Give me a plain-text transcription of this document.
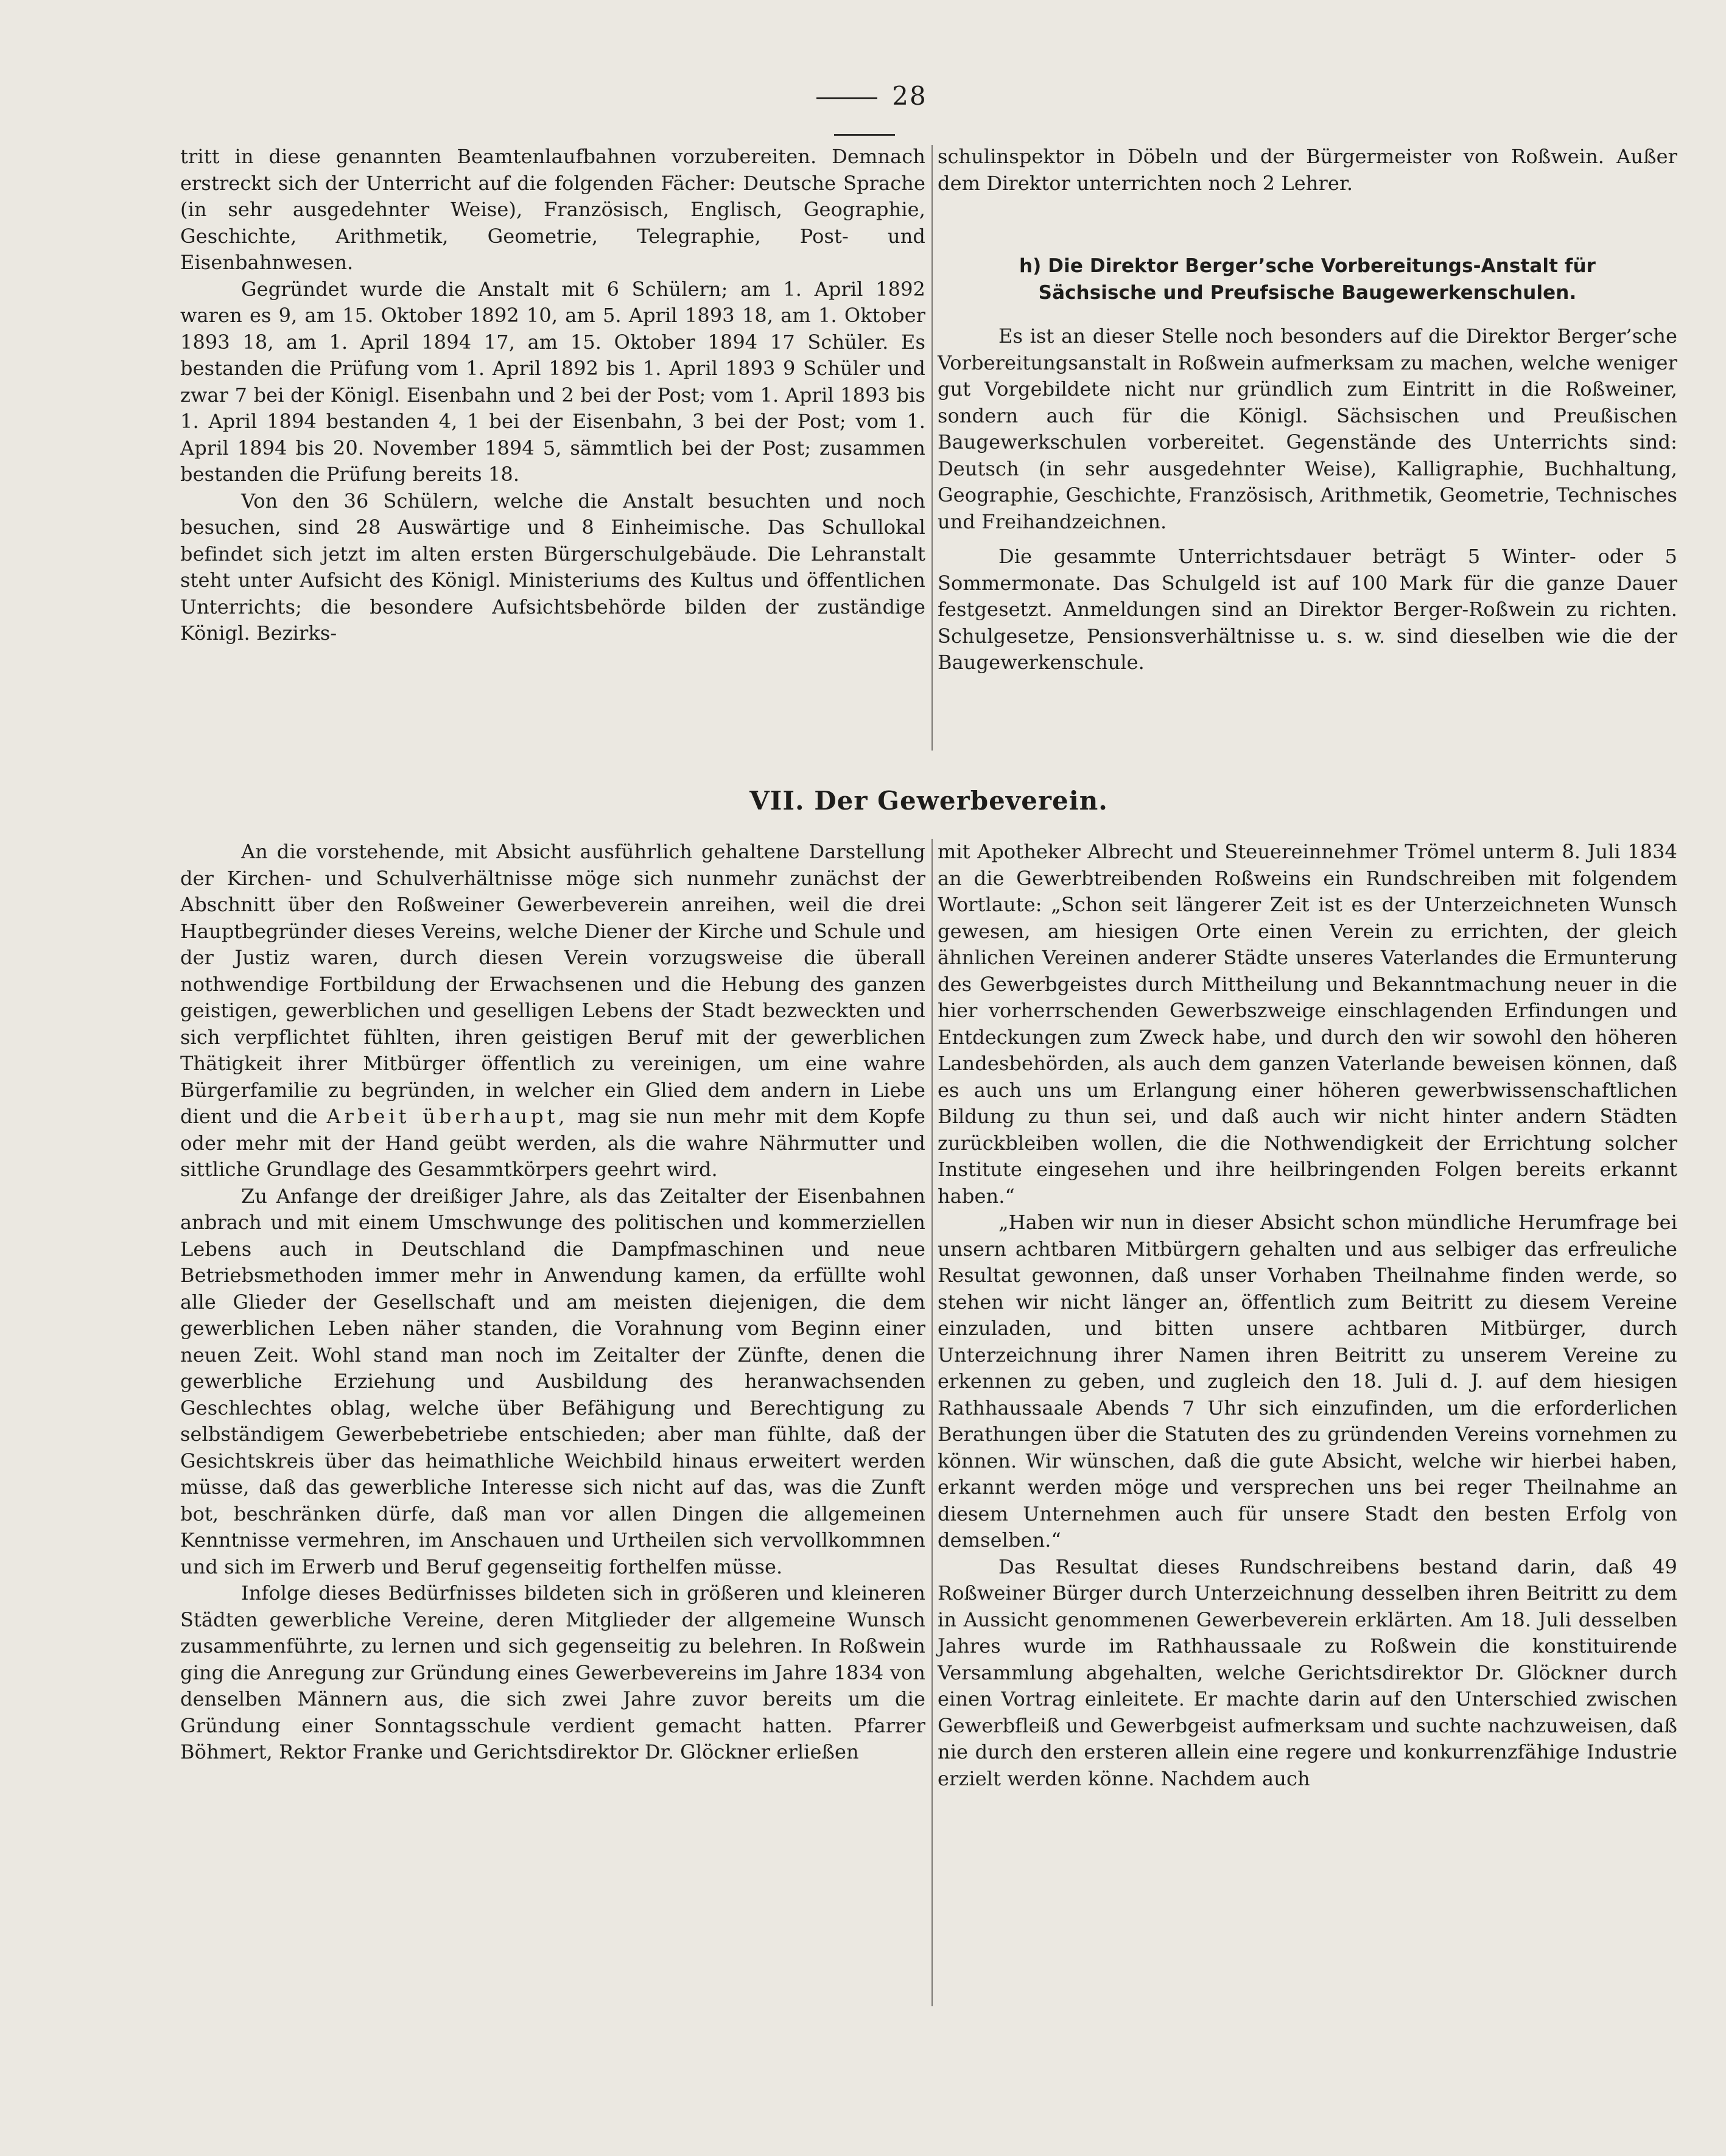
28

tritt in diese genannten Beamtenlaufbahnen vorzubereiten. Demnach erstreckt sich der Unterricht auf die folgenden Fächer: Deutsche Sprache (in sehr ausgedehnter Weise), Französisch, Englisch, Geographie, Geschichte, Arithmetik, Geometrie, Telegraphie, Post- und Eisenbahnwesen.

Gegründet wurde die Anstalt mit 6 Schülern; am 1. April 1892 waren es 9, am 15. Oktober 1892 10, am 5. April 1893 18, am 1. Oktober 1893 18, am 1. April 1894 17, am 15. Oktober 1894 17 Schüler. Es bestanden die Prüfung vom 1. April 1892 bis 1. April 1893 9 Schüler und zwar 7 bei der Königl. Eisenbahn und 2 bei der Post; vom 1. April 1893 bis 1. April 1894 bestanden 4, 1 bei der Eisenbahn, 3 bei der Post; vom 1. April 1894 bis 20. November 1894 5, sämmtlich bei der Post; zusammen bestanden die Prüfung bereits 18.

Von den 36 Schülern, welche die Anstalt besuchten und noch besuchen, sind 28 Auswärtige und 8 Einheimische. Das Schullokal befindet sich jetzt im alten ersten Bürgerschulgebäude. Die Lehranstalt steht unter Aufsicht des Königl. Ministeriums des Kultus und öffentlichen Unterrichts; die besondere Aufsichtsbehörde bilden der zuständige Königl. Bezirks-

schulinspektor in Döbeln und der Bürgermeister von Roßwein. Außer dem Direktor unterrichten noch 2 Lehrer.

h) Die Direktor Berger’sche Vorbereitungs-Anstalt für
Sächsische und Preufsische Baugewerkenschulen.

Es ist an dieser Stelle noch besonders auf die Direktor Berger’sche Vorbereitungsanstalt in Roßwein aufmerksam zu machen, welche weniger gut Vorgebildete nicht nur gründlich zum Eintritt in die Roßweiner, sondern auch für die Königl. Sächsischen und Preußischen Baugewerkschulen vorbereitet. Gegenstände des Unterrichts sind: Deutsch (in sehr ausgedehnter Weise), Kalligraphie, Buchhaltung, Geographie, Geschichte, Französisch, Arithmetik, Geometrie, Technisches und Freihandzeichnen.

Die gesammte Unterrichtsdauer beträgt 5 Winter- oder 5 Sommermonate. Das Schulgeld ist auf 100 Mark für die ganze Dauer festgesetzt. Anmeldungen sind an Direktor Berger-Roßwein zu richten. Schulgesetze, Pensionsverhältnisse u. s. w. sind dieselben wie die der Baugewerkenschule.

VII. Der Gewerbeverein.

An die vorstehende, mit Absicht ausführlich gehaltene Darstellung der Kirchen- und Schulverhältnisse möge sich nunmehr zunächst der Abschnitt über den Roßweiner Gewerbeverein anreihen, weil die drei Hauptbegründer dieses Vereins, welche Diener der Kirche und Schule und der Justiz waren, durch diesen Verein vorzugsweise die überall nothwendige Fortbildung der Erwachsenen und die Hebung des ganzen geistigen, gewerblichen und geselligen Lebens der Stadt bezweckten und sich verpflichtet fühlten, ihren geistigen Beruf mit der gewerblichen Thätigkeit ihrer Mitbürger öffentlich zu vereinigen, um eine wahre Bürgerfamilie zu begründen, in welcher ein Glied dem andern in Liebe dient und die Arbeit überhaupt, mag sie nun mehr mit dem Kopfe oder mehr mit der Hand geübt werden, als die wahre Nährmutter und sittliche Grundlage des Gesammtkörpers geehrt wird.

Zu Anfange der dreißiger Jahre, als das Zeitalter der Eisenbahnen anbrach und mit einem Umschwunge des politischen und kommerziellen Lebens auch in Deutschland die Dampfmaschinen und neue Betriebsmethoden immer mehr in Anwendung kamen, da erfüllte wohl alle Glieder der Gesellschaft und am meisten diejenigen, die dem gewerblichen Leben näher standen, die Vorahnung vom Beginn einer neuen Zeit. Wohl stand man noch im Zeitalter der Zünfte, denen die gewerbliche Erziehung und Ausbildung des heranwachsenden Geschlechtes oblag, welche über Befähigung und Berechtigung zu selbständigem Gewerbebetriebe entschieden; aber man fühlte, daß der Gesichtskreis über das heimathliche Weichbild hinaus erweitert werden müsse, daß das gewerbliche Interesse sich nicht auf das, was die Zunft bot, beschränken dürfe, daß man vor allen Dingen die allgemeinen Kenntnisse vermehren, im Anschauen und Urtheilen sich vervollkommnen und sich im Erwerb und Beruf gegenseitig forthelfen müsse.

Infolge dieses Bedürfnisses bildeten sich in größeren und kleineren Städten gewerbliche Vereine, deren Mitglieder der allgemeine Wunsch zusammenführte, zu lernen und sich gegenseitig zu belehren. In Roßwein ging die Anregung zur Gründung eines Gewerbevereins im Jahre 1834 von denselben Männern aus, die sich zwei Jahre zuvor bereits um die Gründung einer Sonntagsschule verdient gemacht hatten. Pfarrer Böhmert, Rektor Franke und Gerichtsdirektor Dr. Glöckner erließen

mit Apotheker Albrecht und Steuereinnehmer Trömel unterm 8. Juli 1834 an die Gewerbtreibenden Roßweins ein Rundschreiben mit folgendem Wortlaute: „Schon seit längerer Zeit ist es der Unterzeichneten Wunsch gewesen, am hiesigen Orte einen Verein zu errichten, der gleich ähnlichen Vereinen anderer Städte unseres Vaterlandes die Ermunterung des Gewerbgeistes durch Mittheilung und Bekanntmachung neuer in die hier vorherrschenden Gewerbszweige einschlagenden Erfindungen und Entdeckungen zum Zweck habe, und durch den wir sowohl den höheren Landesbehörden, als auch dem ganzen Vaterlande beweisen können, daß es auch uns um Erlangung einer höheren gewerbwissenschaftlichen Bildung zu thun sei, und daß auch wir nicht hinter andern Städten zurückbleiben wollen, die die Nothwendigkeit der Errichtung solcher Institute eingesehen und ihre heilbringenden Folgen bereits erkannt haben.“

„Haben wir nun in dieser Absicht schon mündliche Herumfrage bei unsern achtbaren Mitbürgern gehalten und aus selbiger das erfreuliche Resultat gewonnen, daß unser Vorhaben Theilnahme finden werde, so stehen wir nicht länger an, öffentlich zum Beitritt zu diesem Vereine einzuladen, und bitten unsere achtbaren Mitbürger, durch Unterzeichnung ihrer Namen ihren Beitritt zu unserem Vereine zu erkennen zu geben, und zugleich den 18. Juli d. J. auf dem hiesigen Rathhaussaale Abends 7 Uhr sich einzufinden, um die erforderlichen Berathungen über die Statuten des zu gründenden Vereins vornehmen zu können. Wir wünschen, daß die gute Absicht, welche wir hierbei haben, erkannt werden möge und versprechen uns bei reger Theilnahme an diesem Unternehmen auch für unsere Stadt den besten Erfolg von demselben.“

Das Resultat dieses Rundschreibens bestand darin, daß 49 Roßweiner Bürger durch Unterzeichnung desselben ihren Beitritt zu dem in Aussicht genommenen Gewerbeverein erklärten. Am 18. Juli desselben Jahres wurde im Rathhaussaale zu Roßwein die konstituirende Versammlung abgehalten, welche Gerichtsdirektor Dr. Glöckner durch einen Vortrag einleitete. Er machte darin auf den Unterschied zwischen Gewerbfleiß und Gewerbgeist aufmerksam und suchte nachzuweisen, daß nie durch den ersteren allein eine regere und konkurrenzfähige Industrie erzielt werden könne. Nachdem auch
